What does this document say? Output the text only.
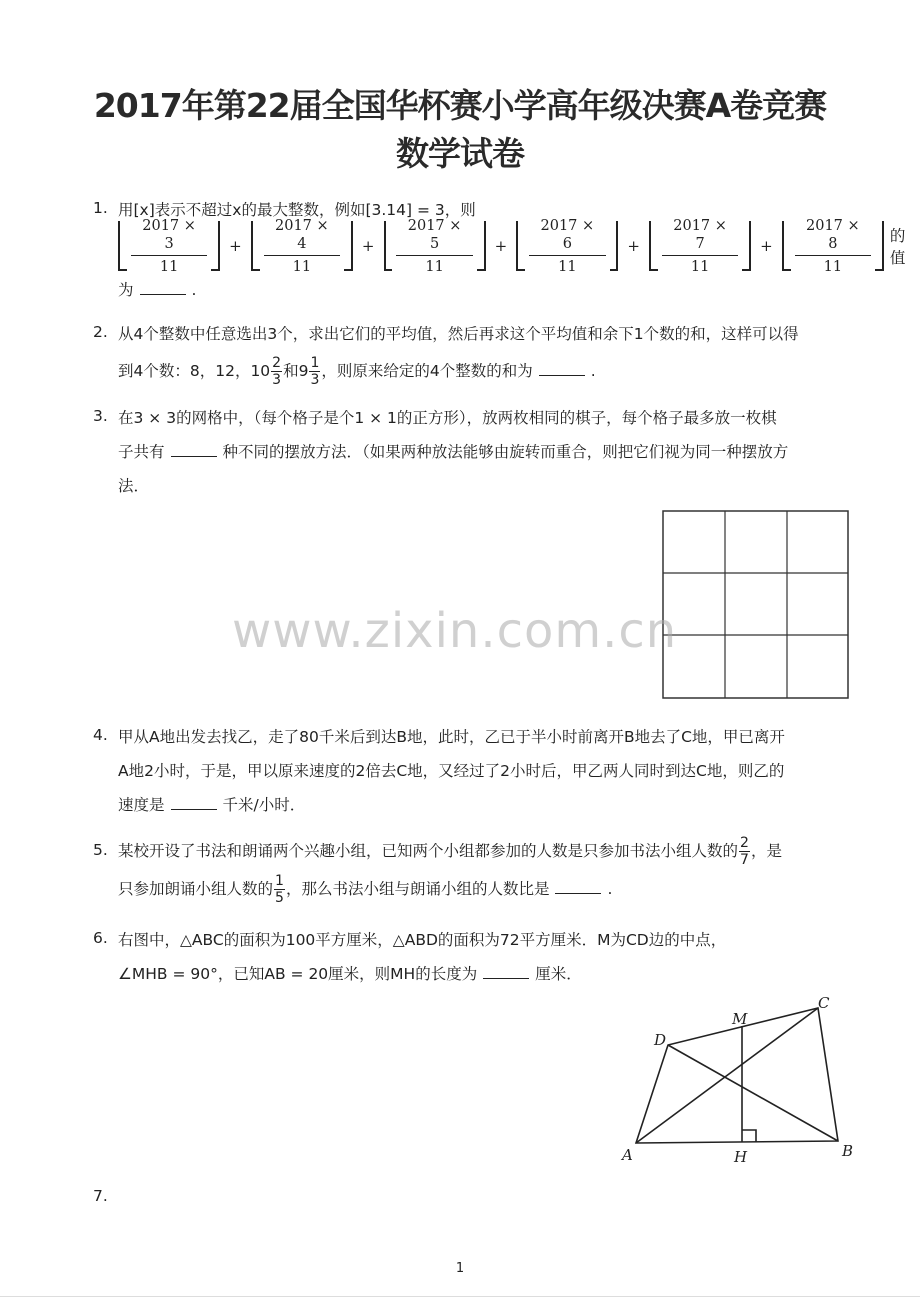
2017年第22届全国华杯赛小学高年级决赛A卷竞赛
数学试卷
1. 用[x]表示不超过x的最大整数，例如[3.14] = 3，则
2017 × 3
11
+
2017 × 4
11
+
2017 × 5
11
+
2017 × 6
11
+
2017 × 7
11
+
2017 × 8
11
的值
为	.
2. 从4个整数中任意选出3个，求出它们的平均值，然后再求这个平均值和余下1个数的和，这样可以得
到4个数：8，12，$10 \frac{2}{3}$ 和$9 \frac{1}{3}$ ，则原来给定的4个整数的和为	.
3. 在3 × 3的网格中，（每个格子是个1 × 1的正方形），放两枚相同的棋子，每个格子最多放一枚棋
子共有	种不同的摆放方法．（如果两种放法能够由旋转而重合，则把它们视为同一种摆放方
法．
www.zixin.com.cn
4. 甲从A地出发去找乙，走了80千米后到达B地，此时，乙已于半小时前离开B地去了C地，甲已离开
A地2小时，于是，甲以原来速度的2倍去C地，又经过了2小时后，甲乙两人同时到达C地，则乙的
速度是	千米/小时．
5. 某校开设了书法和朗诵两个兴趣小组，已知两个小组都参加的人数是只参加书法小组人数的 $\frac{2}{7}$ ，是
只参加朗诵小组人数的 $\frac{1}{5}$ ，那么书法小组与朗诵小组的人数比是	.
6. 右图中，△ABC的面积为100平方厘米，△ABD的面积为72平方厘米．M为CD边的中点，
∠MHB = 90°，已知AB = 20厘米，则MH的长度为	厘米．
A	B
C
D
M
H
7.
1
